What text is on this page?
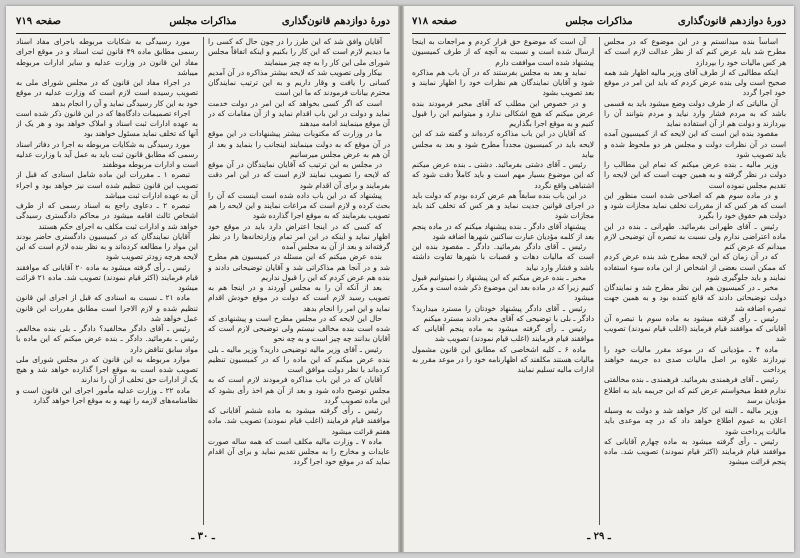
دورهٔ دوازدهم قانون‌گذاری
مذاکرات مجلس
صفحه ۷۱۹

آقایان وافق شد که این طرز را در چون حال که کسی را ما دیدیم لازم است که این کار را بکنیم و اینکه اتفاقاً مجلس شورای ملی این کار را به چه چیز مینمایند

بیکار ولی تصویب شد که لایحه بیشتر مذاکره در آن آمدیم کسانی را یافت و وقار داریم و به این ترتیب نمایندگان محترم بیانات فرمودند که ما این است

است که اگر کسی بخواهد که این امر در دولت خدمت نماید و دولت در این باب اقدام نماید و از آن مقامات که در آن موقع مینمایند ادامه میدهند

ما در وزارت که مکتوبات بیشتر پیشنهادات در این موقع در آن موقع که به دولت مینمایند اینجانب را بنماید و بعد از آن هم به عرض مجلس میرسانیم

در مجلس به این ترتیب که آقایان نمایندگان در آن موقع که لایحه را تصویب نمایند لازم است که در این امر دقت بفرمایند و برای آن اقدام شود

پیشنهاد که در این باب داده شده است اینست که آن را بحث کرده و لازم است که مراعات نمایند و این لایحه را هم تصویب بفرمایند که به موقع اجرا گذارده شود

که کسی که در اینجا اعتراض دارد باید در موقع خود اظهار نماید و اینکه در این امر تمام وزارتخانه‌ها را در نظر گرفته‌اند و بعد از آن به مجلس آمده

بنده عرض میکنم که این مسئله در کمیسیون هم مطرح شد و در آنجا هم مذاکراتی شد و آقایان توضیحاتی دادند و بنده هم عرض کردم که این را قبول نداریم

بعد از آنکه آن را به مجلس آوردند و در اینجا هم به تصویب رسید لازم است که دولت در موقع خودش اقدام نماید و این امر را انجام بدهد

حال این لایحه که در مجلس مطرح است و پیشنهادی که شده است بنده مخالف نیستم ولی توضیحی لازم است که آقایان بدانند چه چیز است و به چه نحو

رئیس ـ آقای وزیر مالیه توضیحی دارید؟ وزیر مالیه ـ بلی بنده عرض میکنم که این ماده را که در کمیسیون تنظیم کرده‌اند با نظر دولت موافق است

آقایان که در این باب مذاکره فرمودند لازم است که به مجلس توضیح داده شود و بعد از آن هم اخذ رأی بشود که این ماده تصویب گردد

رئیس ـ رأی گرفته میشود به ماده ششم آقایانی که موافقند قیام فرمایند (اغلب قیام نمودند) تصویب شد. ماده هفتم قرائت میشود

ماده ۷ ـ وزارت مالیه مکلف است که همه ساله صورت عایدات و مخارج را به مجلس تقدیم نماید و برای آن اقدام نماید که در موقع خود اجرا گردد

مورد رسیدگی به شکایات مربوطه باجرای مفاد اسناد رسمی مطابق ماده ۴۹ قانون ثبت اسناد و در موقع اجرای مفاد این قانون در وزارت عدلیه و سایر ادارات مربوطه میباشد

در اجراء مفاد این قانون که در مجلس شورای ملی به تصویب رسیده است لازم است که وزارت عدلیه در موقع خود به این کار رسیدگی نماید و آن را انجام بدهد

اجراء تصمیمات دادگاه‌ها که در این قانون ذکر شده است به عهده ادارات ثبت اسناد و املاک خواهد بود و هر یک از آنها که تخلف نماید مسئول خواهند بود

مورد رسیدگی به شکایات مربوطه به اجرا در دفاتر اسناد رسمی که مطابق قانون ثبت باید به عمل آید با وزارت عدلیه است و ادارات مربوطه موظفند

تبصره ۱ ـ مقررات این ماده شامل اسنادی که قبل از تصویب این قانون تنظیم شده است نیز خواهد بود و اجراء آن به عهده ادارات ثبت میباشد

تبصره ۲ ـ دعاوی راجع به اسناد رسمی که از طرف اشخاص ثالث اقامه میشود در محاکم دادگستری رسیدگی خواهد شد و ادارات ثبت مکلف به اجرای حکم هستند

آقایان نمایندگان که در کمیسیون دادگستری حاضر بودند این مواد را مطالعه کرده‌اند و به نظر بنده لازم است که این لایحه هرچه زودتر تصویب شود

رئیس ـ رأی گرفته میشود به ماده ۲۰ آقایانی که موافقند قیام فرمایند (اکثر قیام نمودند) تصویب شد. ماده ۲۱ قرائت میشود

ماده ۲۱ ـ نسبت به اسنادی که قبل از اجرای این قانون تنظیم شده و لازم الاجرا است مطابق مقررات این قانون عمل خواهد شد

رئیس ـ آقای دادگر مخالفید؟ دادگر ـ بلی بنده مخالفم. رئیس ـ بفرمائید. دادگر ـ بنده عرض میکنم که این ماده با مواد سابق تناقض دارد

موارد مربوطه به این قانون که در مجلس شورای ملی تصویب شده است به موقع اجرا گذارده خواهد شد و هیچ یک از ادارات حق تخلف از آن را ندارند

ماده ۲۲ ـ وزارت عدلیه مأمور اجرای این قانون است و نظامنامه‌های لازمه را تهیه و به موقع اجرا خواهد گذارد

ـ ۳۰ ـ
دورهٔ دوازدهم قانون‌گذاری
مذاکرات مجلس
صفحه ۷۱۸

اساساً بنده میدانستم و در این موضوع که در مجلس مطرح شد باید عرض کنم که از نظر عدالت لازم است که هر کس مالیات خود را بپردازد

اینکه مطالبی که از طرف آقای وزیر مالیه اظهار شد همه صحیح است ولی بنده عرض کردم که باید این امر در موقع خود اجرا گردد

آن مالیاتی که از طرف دولت وضع میشود باید به قسمی باشد که به مردم فشار وارد نیاید و مردم بتوانند آن را بپردازند و دولت هم از آن استفاده نماید

مقصود بنده این است که این لایحه که از کمیسیون آمده است در آن نظرات دولت و مجلس هر دو ملحوظ شده و باید تصویب شود

وزیر مالیه ـ بنده عرض میکنم که تمام این مطالب را دولت در نظر گرفته و به همین جهت است که این لایحه را تقدیم مجلس نموده است

و در ماده سوم هم که اصلاحی شده است منظور این است که هر کس که از مقررات تخلف نماید مجازات شود و دولت هم حقوق خود را بگیرد

رئیس ـ آقای طهرانی بفرمائید. طهرانی ـ بنده در این ماده اعتراضی ندارم ولی نسبت به تبصره آن توضیحی لازم میدانم که عرض کنم

که در آن زمان که این لایحه مطرح شد بنده عرض کردم که ممکن است بعضی از اشخاص از این ماده سوء استفاده نمایند و باید جلوگیری شود

مخبر ـ در کمیسیون هم این نظر مطرح شد و نمایندگان دولت توضیحاتی دادند که قانع کننده بود و به همین جهت تبصره اضافه شد

رئیس ـ رأی گرفته میشود به ماده سوم با تبصره آن آقایانی که موافقند قیام فرمایند (اغلب قیام نمودند) تصویب شد

ماده ۴ ـ مؤدیانی که در موعد مقرر مالیات خود را نپردازند علاوه بر اصل مالیات صدی ده جریمه خواهند پرداخت

رئیس ـ آقای فرهمندی بفرمائید. فرهمندی ـ بنده مخالفتی ندارم فقط میخواستم عرض کنم که این جریمه باید به اطلاع مؤدیان برسد

وزیر مالیه ـ البته این کار خواهد شد و دولت به وسیله اعلان به عموم اطلاع خواهد داد که در چه موعدی باید مالیات پرداخت شود

رئیس ـ رأی گرفته میشود به ماده چهارم آقایانی که موافقند قیام فرمایند (اکثر قیام نمودند) تصویب شد. ماده پنجم قرائت میشود

آن است که موضوع حق قرار کردم و مراجعات به اینجا ارسال شده است و نسبت به آنچه که از طرف کمیسیون پیشنهاد شده است موافقت دارم

نماید و بعد به مجلس بفرستند که در آن باب هم مذاکره شود و آقایان نمایندگان هم نظرات خود را اظهار نمایند و بعد تصویب بشود

و در خصوص این مطلب که آقای مخبر فرمودند بنده عرض میکنم که هیچ اشکالی ندارد و میتوانیم این را قبول کنیم و به موقع اجرا بگذاریم

که آقایان در این باب مذاکره کرده‌اند و گفته شد که این لایحه باید در کمیسیون مجدداً مطرح شود و بعد به مجلس بیاید

رئیس ـ آقای دشتی بفرمائید. دشتی ـ بنده عرض میکنم که این موضوع بسیار مهم است و باید کاملاً دقت شود که اشتباهی واقع نگردد

در این باب بنده سابقاً هم عرض کرده بودم که دولت باید در اجرای قوانین جدیت نماید و هر کس که تخلف کند باید مجازات شود

پیشنهاد آقای دادگر ـ بنده پیشنهاد میکنم که در ماده پنجم بعد از کلمه مؤدیان عبارت ساکنین شهرها اضافه شود

رئیس ـ آقای دادگر بفرمائید. دادگر ـ مقصود بنده این است که مالیات دهات و قصبات با شهرها تفاوت داشته باشد و فشار وارد نیاید

مخبر ـ بنده عرض میکنم که این پیشنهاد را نمیتوانیم قبول کنیم زیرا که در ماده بعد این موضوع ذکر شده است و مکرر میشود

رئیس ـ آقای دادگر پیشنهاد خودتان را مسترد میدارید؟ دادگر ـ بلی با توضیحی که آقای مخبر دادند مسترد میکنم

رئیس ـ رأی گرفته میشود به ماده پنجم آقایانی که موافقند قیام فرمایند (اغلب قیام نمودند) تصویب شد

ماده ۶ ـ کلیه اشخاصی که مطابق این قانون مشمول مالیات هستند مکلفند که اظهارنامه خود را در موعد مقرر به ادارات مالیه تسلیم نمایند

ـ ۲۹ ـ
